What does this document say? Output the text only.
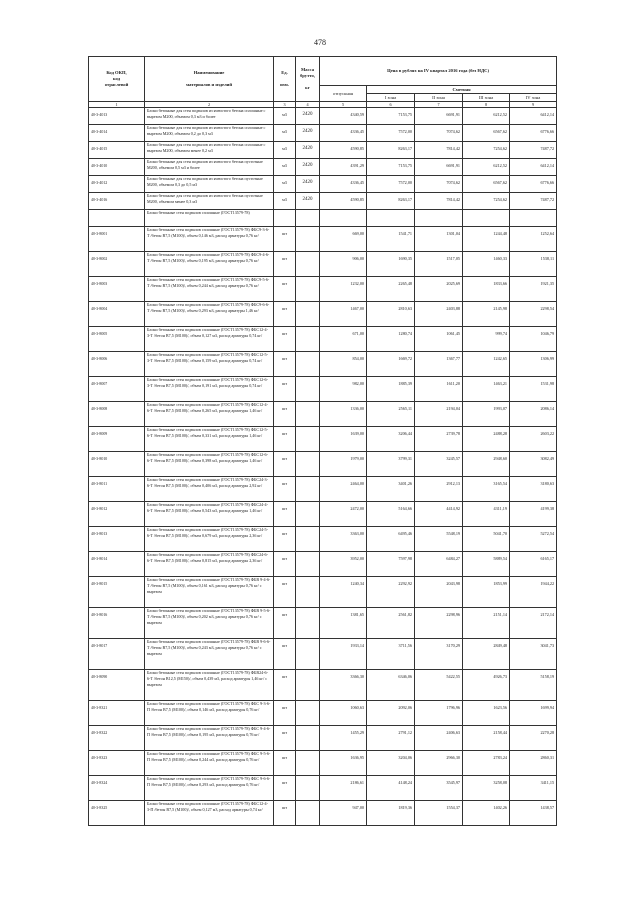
478
Код ОКП,
код
отраслевой	Наименование

материалов и изделий	Ед.

изм.	Масса
брутто,

кг	Цена в рублях на IV квартал 2016 года (без НДС)				
				отпускная	Сметная			
					I зона	II зона	III зона	IV зона
1	2	3	4	5	6	7	8	9
40-3-4013	Блоки бетонные для стен подвалов из ячеистого бетона сплошные с вырезом М200, объемом 0,3 м3 и более	м3	2420	4340,59	7153,75	6691,91	6212,52	6412,14
40-3-4014	Блоки бетонные для стен подвалов из ячеистого бетона сплошные с вырезом М200, объемом 0,2 до 0,3 м3	м3	2420	4336,45	7572,00	7074,62	6567,62	6776,66
40-3-4015	Блоки бетонные для стен подвалов из ячеистого бетона сплошные с вырезом М200, объемом менее 0,2 м3	м3	2420	4590,85	8263,17	7814,42	7254,62	7487,72
40-3-4010	Блоки бетонные для стен подвалов из ячеистого бетона пустотные М200, объемом 0,5 м3 и более	м3	2420	4391,29	7153,75	6691,91	6212,52	6412,14
40-3-4012	Блоки бетонные для стен подвалов из ячеистого бетона пустотные М200, объемом 0,3 до 0,5 м3	м3	2420	4336,45	7572,00	7074,62	6567,62	6776,66
40-3-4016	Блоки бетонные для стен подвалов из ячеистого бетона пустотные М200, объемом менее 0,3 м3	м3	2420	4590,85	8263,17	7814,42	7254,62	7487,72
	Блоки бетонные стен подвалов сплошные (ГОСТ13579-78)							
40-3-8001	Блоки бетонные стен подвалов сплошные (ГОСТ13579-78) ФБС9-3-6-Т /бетон В7,5 (М100)/, объем 0,146 м3, расход арматуры 0,76 кг/	шт		669,00	1541,71	1301,04	1244,48	1252,64
40-3-8002	Блоки бетонные стен подвалов сплошные (ГОСТ13579-78) ФБС9-4-6-Т /бетон В7,5 (М100)/, объем 0,195 м3, расход арматуры 0,76 кг/	шт		906,00	1690,35	1517,05	1460,33	1538,11
40-3-8003	Блоки бетонные стен подвалов сплошные (ГОСТ13579-78) ФБС9-5-6-Т /бетон В7,5 (М100)/, объем 0,244 м3, расход арматуры 0,76 кг/	шт		1232,00	2265,48	2025,69	1833,66	1921,35
40-3-8004	Блоки бетонные стен подвалов сплошные (ГОСТ13579-78) ФБС9-6-6-Т /бетон В7,5 (М100)/, объем 0,293 м3, расход арматуры 1,46 кг/	шт		1467,00	2810,63	2403,88	2145,98	2298,54
40-3-8005	Блоки бетонные стен подвалов сплошные (ГОСТ13579-78) ФБС12-4-3-Т /бетон В7,5 (М100)/, объем 0,127 м3, расход арматуры 0,74 кг/	шт		671,00	1280,74	1061,45	999,74	1046,79
40-3-8006	Блоки бетонные стен подвалов сплошные (ГОСТ13579-78) ФБС12-5-3-Т /бетон В7,5 (М100)/, объем 0,159 м3, расход арматуры 0,74 кг/	шт		854,00	1669,72	1367,77	1242,65	1306,99
40-3-8007	Блоки бетонные стен подвалов сплошные (ГОСТ13579-78) ФБС12-6-3-Т /бетон В7,5 (М100)/, объем 0,191 м3, расход арматуры 0,74 кг/	шт		982,00	1885,39	1611,20	1463,21	1531,98
40-3-8008	Блоки бетонные стен подвалов сплошные (ГОСТ13579-78) ФБС12-4-6-Т /бетон В7,5 (М100)/, объем 0,265 м3, расход арматуры 1,46 кг/	шт		1336,00	2565,11	2194,04	1993,07	2086,14
40-3-8009	Блоки бетонные стен подвалов сплошные (ГОСТ13579-78) ФБС12-5-6-Т /бетон В7,5 (М100)/, объем 0,331 м3, расход арматуры 1,46 кг/	шт		1639,00	3206,44	2739,78	2488,28	2603,22
40-3-8010	Блоки бетонные стен подвалов сплошные (ГОСТ13579-78) ФБС12-6-6-Т /бетон В7,5 (М100)/, объем 0,398 м3, расход арматуры 1,46 кг/	шт		1979,00	3799,31	3245,57	2948,60	3082,49
40-3-8011	Блоки бетонные стен подвалов сплошные (ГОСТ13579-78) ФБС24-3-6-Т /бетон В7,5 (М100)/, объем 0,406 м3, расход арматуры 2,92 кг/	шт		2464,00	3401,26	2912,13	3165,54	3180,63
40-3-8012	Блоки бетонные стен подвалов сплошные (ГОСТ13579-78) ФБС24-4-6-Т /бетон В7,5 (М100)/, объем 0,543 м3, расход арматуры 1,46 кг/	шт		2472,00	5164,66	4414,92	4311,19	4199,38
40-3-8013	Блоки бетонные стен подвалов сплошные (ГОСТ13579-78) ФБС24-5-6-Т /бетон В7,5 (М100)/, объем 0,679 м3, расход арматуры 2,36 кг/	шт		3363,00	6495,46	5548,19	5041,70	5272,54
40-3-8014	Блоки бетонные стен подвалов сплошные (ГОСТ13579-78) ФБС24-6-6-Т /бетон В7,5 (М100)/, объем 0,815 м3, расход арматуры 2,36 кг/	шт		3952,00	7597,98	6484,27	5889,54	6165,17
40-3-8015	Блоки бетонные стен подвалов сплошные (ГОСТ13579-78) ФБВ 9-4-6-Т /бетон В7,5 (М100)/, объем 0,161 м3, расход арматуры 0,76 кг/ с вырезом	шт		1240,34	2292,92	2043,98	1853,99	1944,22
40-3-8016	Блоки бетонные стен подвалов сплошные (ГОСТ13579-78) ФБВ 9-5-6-Т /бетон В7,5 (М100)/, объем 0,202 м3, расход арматуры 0,76 кг/ с вырезом	шт		1381,65	2561,82	2298,96	2151,14	2172,14
40-3-8017	Блоки бетонные стен подвалов сплошные (ГОСТ13579-78) ФБВ 9-6-6-Т /бетон В7,5 (М100)/, объем 0,243 м3, расход арматуры 0,76 кг/ с вырезом	шт		1933,14	3711,56	3170,29	2849,48	3041,73
40-3-8090	Блоки бетонные стен подвалов сплошные (ГОСТ13579-78) ФБВ24-6-6-Т /бетон В12,5 (М150)/, объем 0,439 м3, расход арматуры 1,46 кг/ с вырезом	шт		3366,30	6346,06	5422,55	4926,73	5158,19
40-3-8321	Блоки бетонные стен подвалов сплошные (ГОСТ13579-78) ФБС 9-3-6-П /бетон В7,5 (М100)/, объем 0,146 м3, расход арматуры 0,76 кг/	шт		1060,63	2092,06	1796,96	1623,56	1699,94
40-3-8322	Блоки бетонные стен подвалов сплошные (ГОСТ13579-78) ФБС 9-4-6-П /бетон В7,5 (М100)/, объем 0,195 м3, расход арматуры 0,76 кг/	шт		1455,29	2791,12	2406,63	2158,44	2270,28
40-3-8323	Блоки бетонные стен подвалов сплошные (ГОСТ13579-78) ФБС 9-5-6-П /бетон В7,5 (М100)/, объем 0,244 м3, расход арматуры 0,76 кг/	шт		1636,95	3204,06	2966,30	2783,24	2860,31
40-3-8324	Блоки бетонные стен подвалов сплошные (ГОСТ13579-78) ФБС 9-6-6-П /бетон В7,5 (М100)/, объем 0,293 м3, расход арматуры 0,76 кг/	шт		2186,61	4148,24	3545,97	3258,08	3411,15
40-3-8325	Блоки бетонные стен подвалов сплошные (ГОСТ13579-78) ФБС12-4-3-П /бетон В7,5 (М100)/, объем 0,127 м3, расход арматуры 0,74 кг/	шт		947,00	1819,36	1554,37	1402,26	1438,57
